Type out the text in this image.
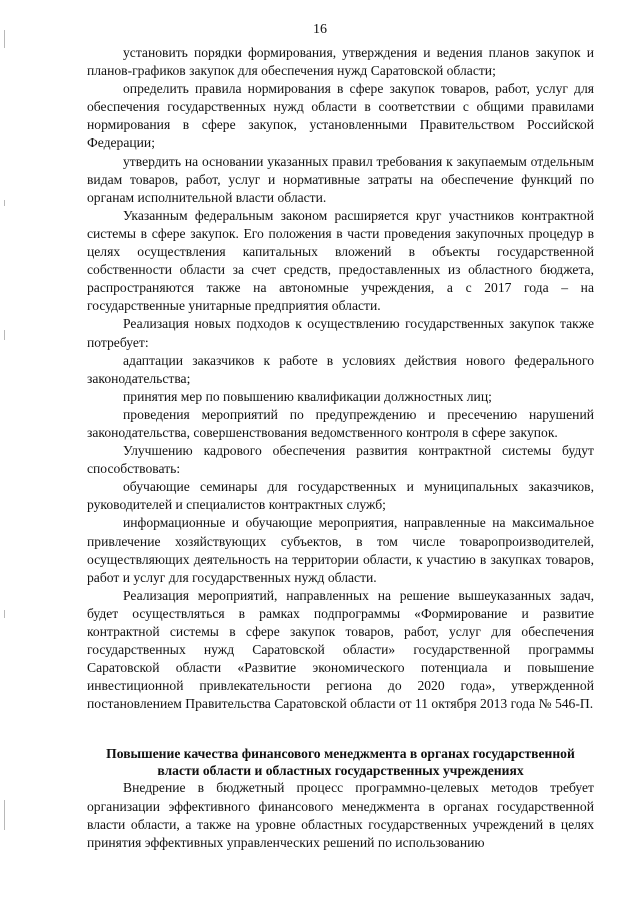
16

установить порядки формирования, утверждения и ведения планов закупок и планов-графиков закупок для обеспечения нужд Саратовской области;

определить правила нормирования в сфере закупок товаров, работ, услуг для обеспечения государственных нужд области в соответствии с общими правилами нормирования в сфере закупок, установленными Правительством Российской Федерации;

утвердить на основании указанных правил требования к закупаемым отдельным видам товаров, работ, услуг и нормативные затраты на обеспечение функций по органам исполнительной власти области.

Указанным федеральным законом расширяется круг участников контрактной системы в сфере закупок. Его положения в части проведения закупочных процедур в целях осуществления капитальных вложений в объекты государственной собственности области за счет средств, предоставленных из областного бюджета, распространяются также на автономные учреждения, а с 2017 года – на государственные унитарные предприятия области.

Реализация новых подходов к осуществлению государственных закупок также потребует:

адаптации заказчиков к работе в условиях действия нового федерального законодательства;

принятия мер по повышению квалификации должностных лиц;

проведения мероприятий по предупреждению и пресечению нарушений законодательства, совершенствования ведомственного контроля в сфере закупок.

Улучшению кадрового обеспечения развития контрактной системы будут способствовать:

обучающие семинары для государственных и муниципальных заказчиков, руководителей и специалистов контрактных служб;

информационные и обучающие мероприятия, направленные на максимальное привлечение хозяйствующих субъектов, в том числе товаропроизводителей, осуществляющих деятельность на территории области, к участию в закупках товаров, работ и услуг для государственных нужд области.

Реализация мероприятий, направленных на решение вышеуказанных задач, будет осуществляться в рамках подпрограммы «Формирование и развитие контрактной системы в сфере закупок товаров, работ, услуг для обеспечения государственных нужд Саратовской области» государственной программы Саратовской области «Развитие экономического потенциала и повышение инвестиционной привлекательности региона до 2020 года», утвержденной постановлением Правительства Саратовской области от 11 октября 2013 года № 546-П.

Повышение качества финансового менеджмента в органах государственной власти области и областных государственных учреждениях

Внедрение в бюджетный процесс программно-целевых методов требует организации эффективного финансового менеджмента в органах государственной власти области, а также на уровне областных государственных учреждений в целях принятия эффективных управленческих решений по использованию
